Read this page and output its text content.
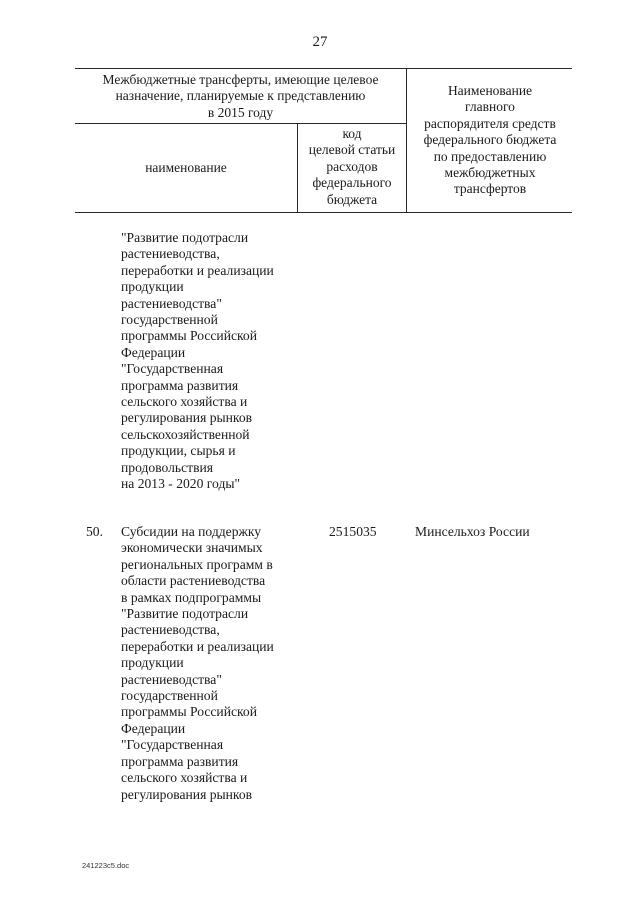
27
Межбюджетные трансферты, имеющие целевое
назначение, планируемые к представлению
в 2015 году
наименование
код
целевой статьи
расходов
федерального
бюджета
Наименование
главного
распорядителя средств
федерального бюджета
по предоставлению
межбюджетных
трансфертов
"Развитие подотрасли
растениеводства,
переработки и реализации
продукции
растениеводства"
государственной
программы Российской
Федерации
"Государственная
программа развития
сельского хозяйства и
регулирования рынков
сельскохозяйственной
продукции, сырья и
продовольствия
на 2013 - 2020 годы"
50. Субсидии на поддержку
экономически значимых
региональных программ в
области растениеводства
в рамках подпрограммы
"Развитие подотрасли
растениеводства,
переработки и реализации
продукции
растениеводства"
государственной
программы Российской
Федерации
"Государственная
программа развития
сельского хозяйства и
регулирования рынков
2515035	Минсельхоз России
241223c5.doc
